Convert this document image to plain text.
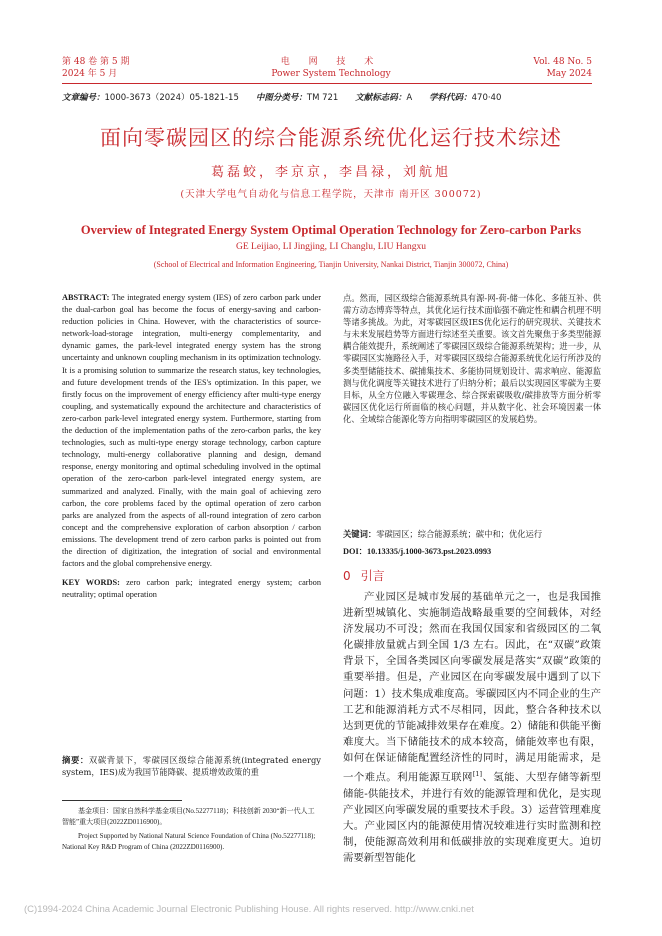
第 48 卷 第 5 期
2024 年 5 月
电 网 技 术
Power System Technology
Vol. 48 No. 5
May 2024
文章编号：1000-3673（2024）05-1821-15 中图分类号：TM 721 文献标志码：A 学科代码：470·40
面向零碳园区的综合能源系统优化运行技术综述
葛磊蛟，李京京，李昌禄，刘航旭
(天津大学电气自动化与信息工程学院，天津市 南开区 300072)
Overview of Integrated Energy System Optimal Operation Technology for Zero-carbon Parks
GE Leijiao, LI Jingjing, LI Changlu, LIU Hangxu
(School of Electrical and Information Engineering, Tianjin University, Nankai District, Tianjin 300072, China)
ABSTRACT: The integrated energy system (IES) of zero carbon park under the dual-carbon goal has become the focus of energy-saving and carbon-reduction policies in China. However, with the characteristics of source-network-load-storage integration, multi-energy complementarity, and dynamic games, the park-level integrated energy system has the strong uncertainty and unknown coupling mechanism in its optimization technology. It is a promising solution to summarize the research status, key technologies, and future development trends of the IES's optimization. In this paper, we firstly focus on the improvement of energy efficiency after multi-type energy coupling, and systematically expound the architecture and characteristics of zero-carbon park-level integrated energy system. Furthermore, starting from the deduction of the implementation paths of the zero-carbon parks, the key technologies, such as multi-type energy storage technology, carbon capture technology, multi-energy collaborative planning and design, demand response, energy monitoring and optimal scheduling involved in the optimal operation of the zero-carbon park-level integrated energy system, are summarized and analyzed. Finally, with the main goal of achieving zero carbon, the core problems faced by the optimal operation of zero carbon parks are analyzed from the aspects of all-round integration of zero carbon concept and the comprehensive exploration of carbon absorption / carbon emissions. The development trend of zero carbon parks is pointed out from the direction of digitization, the integration of social and environmental factors and the global comprehensive energy.
KEY WORDS: zero carbon park; integrated energy system; carbon neutrality; optimal operation
摘要：双碳背景下，零碳园区级综合能源系统(integrated energy system，IES)成为我国节能降碳、提质增效政策的重
基金项目：国家自然科学基金项目(No.52277118)；科技创新 2030“新一代人工智能”重大项目(2022ZD0116900)。
Project Supported by National Natural Science Foundation of China (No.52277118); National Key R&D Program of China (2022ZD0116900).
点。然而，园区级综合能源系统具有源-网-荷-储一体化、多能互补、供需方动态博弈等特点，其优化运行技术面临强不确定性和耦合机理不明等诸多挑战。为此，对零碳园区级IES优化运行的研究现状、关键技术与未来发展趋势等方面进行综述至关重要。该文首先聚焦于多类型能源耦合能效提升，系统阐述了零碳园区级综合能源系统架构；进一步，从零碳园区实施路径入手，对零碳园区级综合能源系统优化运行所涉及的多类型储能技术、碳捕集技术、多能协同规划设计、需求响应、能源监测与优化调度等关键技术进行了归纳分析；最后以实现园区零碳为主要目标，从全方位融入零碳理念、综合探索碳吸收/碳排放等方面分析零碳园区优化运行所面临的核心问题，并从数字化、社会环境因素一体化、全域综合能源化等方向指明零碳园区的发展趋势。
关键词：零碳园区；综合能源系统；碳中和；优化运行
DOI：10.13335/j.1000-3673.pst.2023.0993
0 引言
产业园区是城市发展的基础单元之一，也是我国推进新型城镇化、实施制造战略最重要的空间载体，对经济发展功不可没；然而在我国仅国家和省级园区的二氧化碳排放量就占到全国 1/3 左右。因此，在“双碳”政策背景下，全国各类园区向零碳发展是落实“双碳”政策的重要举措。但是，产业园区在向零碳发展中遇到了以下问题：1）技术集成难度高。零碳园区内不同企业的生产工艺和能源消耗方式不尽相同，因此，整合各种技术以达到更优的节能减排效果存在难度。2）储能和供能平衡难度大。当下储能技术的成本较高，储能效率也有限，如何在保证储能配置经济性的同时，满足用能需求，是一个难点。利用能源互联网[1]、氢能、大型存储等新型储能-供能技术，并进行有效的能源管理和优化，是实现产业园区向零碳发展的重要技术手段。3）运营管理难度大。产业园区内的能源使用情况较难进行实时监测和控制，使能源高效利用和低碳排放的实现难度更大。迫切需要新型智能化
(C)1994-2024 China Academic Journal Electronic Publishing House. All rights reserved. http://www.cnki.net
